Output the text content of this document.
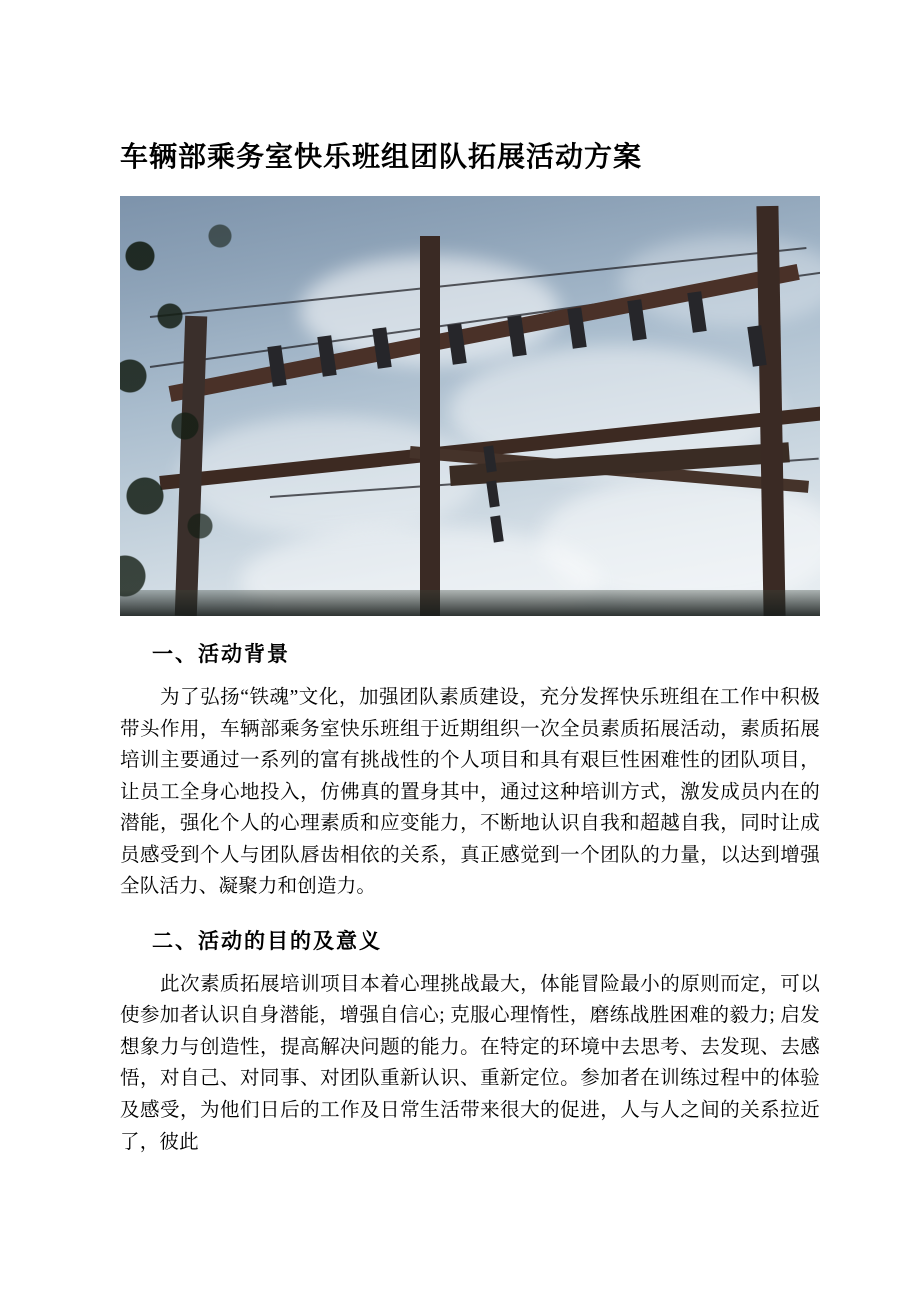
车辆部乘务室快乐班组团队拓展活动方案
一、活动背景

为了弘扬“铁魂”文化，加强团队素质建设，充分发挥快乐班组在工作中积极带头作用，车辆部乘务室快乐班组于近期组织一次全员素质拓展活动，素质拓展培训主要通过一系列的富有挑战性的个人项目和具有艰巨性困难性的团队项目，让员工全身心地投入，仿佛真的置身其中，通过这种培训方式，激发成员内在的潜能，强化个人的心理素质和应变能力，不断地认识自我和超越自我，同时让成员感受到个人与团队唇齿相依的关系，真正感觉到一个团队的力量，以达到增强全队活力、凝聚力和创造力。

二、活动的目的及意义

此次素质拓展培训项目本着心理挑战最大，体能冒险最小的原则而定，可以使参加者认识自身潜能，增强自信心; 克服心理惰性，磨练战胜困难的毅力; 启发想象力与创造性，提高解决问题的能力。在特定的环境中去思考、去发现、去感悟，对自己、对同事、对团队重新认识、重新定位。参加者在训练过程中的体验及感受，为他们日后的工作及日常生活带来很大的促进，人与人之间的关系拉近了，彼此
